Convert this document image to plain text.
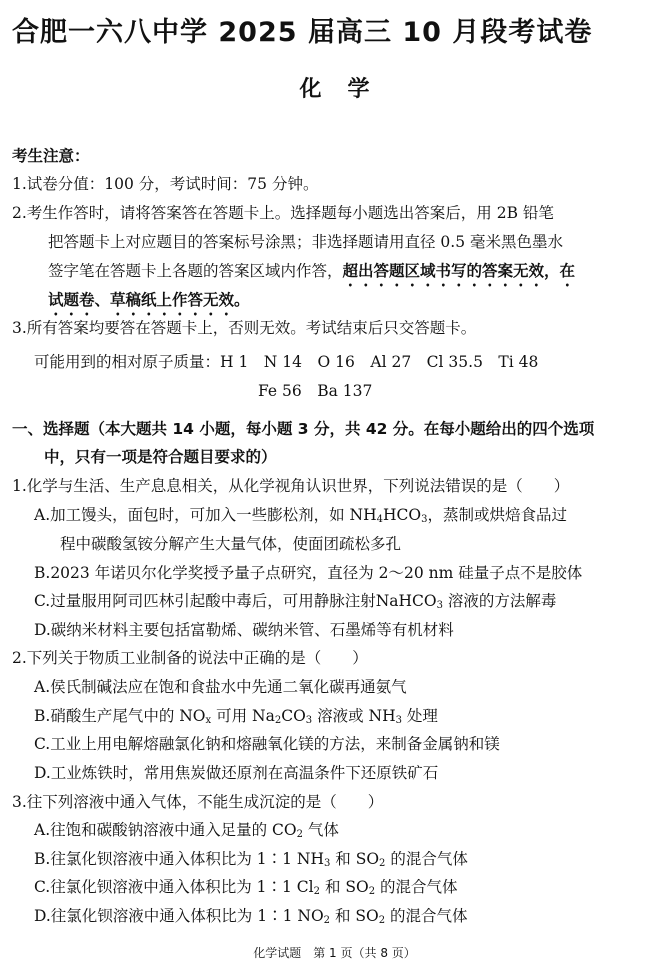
合肥一六八中学 2025 届高三 10 月段考试卷
化学
考生注意：
1.试卷分值：100 分，考试时间：75 分钟。
2.考生作答时，请将答案答在答题卡上。选择题每小题选出答案后，用 2B 铅笔
把答题卡上对应题目的答案标号涂黑；非选择题请用直径 0.5 毫米黑色墨水
签字笔在答题卡上各题的答案区域内作答，超出答题区域书写的答案无效，在
试题卷、草稿纸上作答无效。
3.所有答案均要答在答题卡上，否则无效。考试结束后只交答题卡。
可能用到的相对原子质量：H 1　N 14　O 16　Al 27　Cl 35.5　Ti 48
Fe 56　Ba 137
一、选择题（本大题共 14 小题，每小题 3 分，共 42 分。在每小题给出的四个选项
中，只有一项是符合题目要求的）
1.化学与生活、生产息息相关，从化学视角认识世界，下列说法错误的是（　　）
A.加工馒头，面包时，可加入一些膨松剂，如 $NH_4HCO_3$，蒸制或烘焙食品过
程中碳酸氢铵分解产生大量气体，使面团疏松多孔
B.2023 年诺贝尔化学奖授予量子点研究，直径为 2～20 nm 硅量子点不是胶体
C.过量服用阿司匹林引起酸中毒后，可用静脉注射NaHCO$_3$ 溶液的方法解毒
D.碳纳米材料主要包括富勒烯、碳纳米管、石墨烯等有机材料
2.下列关于物质工业制备的说法中正确的是（　　）
A.侯氏制碱法应在饱和食盐水中先通二氧化碳再通氨气
B.硝酸生产尾气中的 $NO_x$ 可用 $Na_2CO_3$ 溶液或 $NH_3$ 处理
C.工业上用电解熔融氯化钠和熔融氧化镁的方法，来制备金属钠和镁
D.工业炼铁时，常用焦炭做还原剂在高温条件下还原铁矿石
3.往下列溶液中通入气体，不能生成沉淀的是（　　）
A.往饱和碳酸钠溶液中通入足量的 $CO_2$ 气体
B.往氯化钡溶液中通入体积比为 1∶1 $NH_3$ 和 $SO_2$ 的混合气体
C.往氯化钡溶液中通入体积比为 1∶1 $Cl_2$ 和 $SO_2$ 的混合气体
D.往氯化钡溶液中通入体积比为 1∶1 $NO_2$ 和 $SO_2$ 的混合气体
化学试题　第 1 页（共 8 页）
